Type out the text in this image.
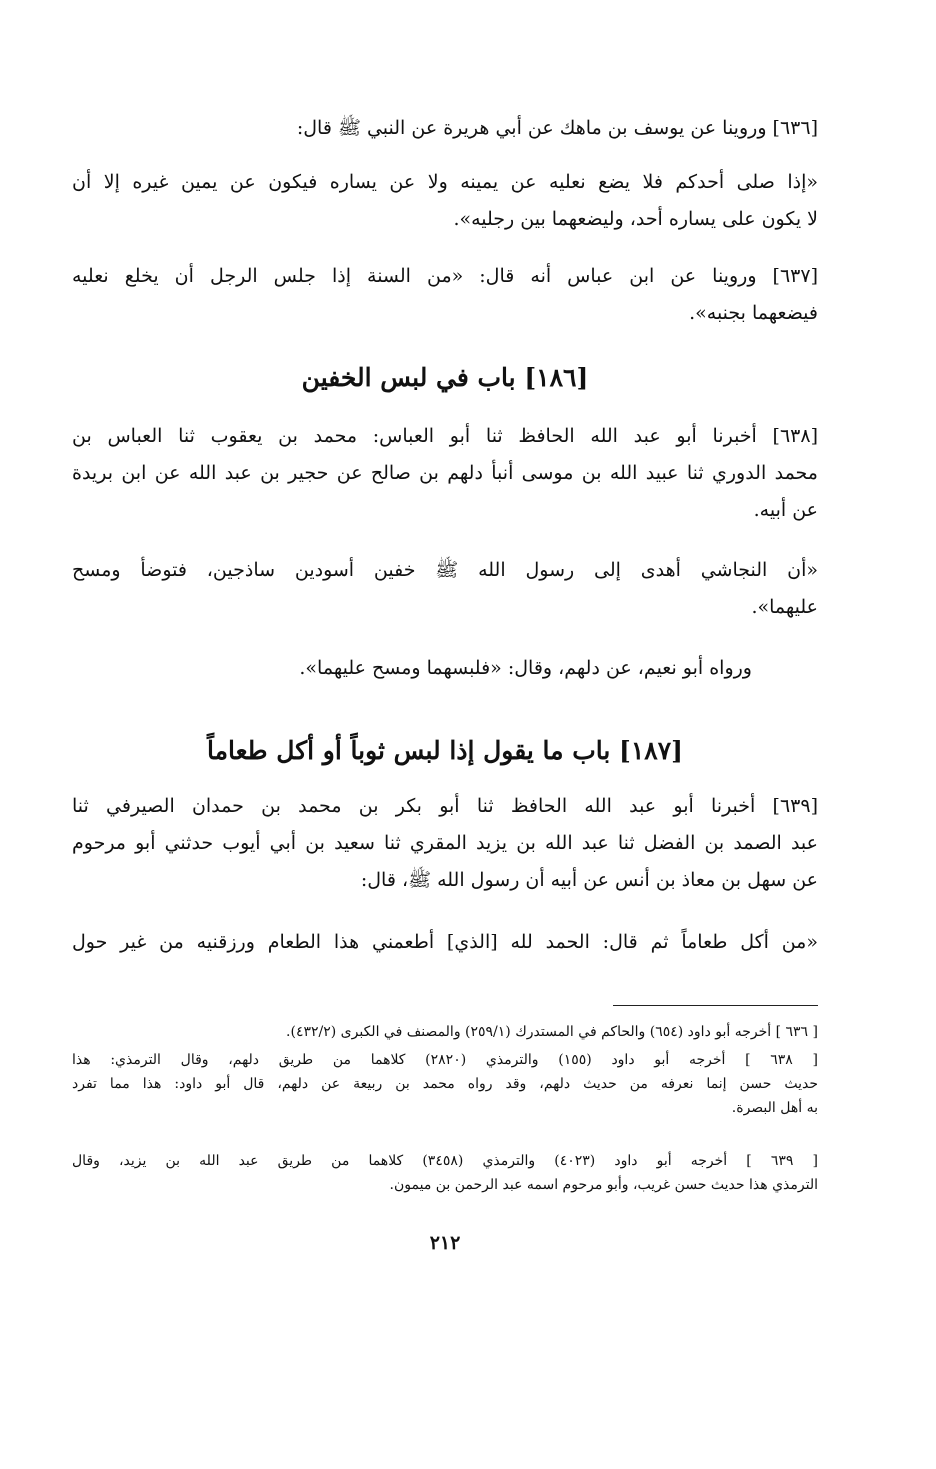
[٦٣٦] وروينا عن يوسف بن ماهك عن أبي هريرة عن النبي ﷺ قال:
«إذا صلى أحدكم فلا يضع نعليه عن يمينه ولا عن يساره فيكون عن يمين غيره إلا أن
لا يكون على يساره أحد، وليضعهما بين رجليه».
[٦٣٧] وروينا عن ابن عباس أنه قال: «من السنة إذا جلس الرجل أن يخلع نعليه
فيضعهما بجنبه».
[١٨٦] باب في لبس الخفين
[٦٣٨] أخبرنا أبو عبد الله الحافظ ثنا أبو العباس: محمد بن يعقوب ثنا العباس بن
محمد الدوري ثنا عبيد الله بن موسى أنبأ دلهم بن صالح عن حجير بن عبد الله عن ابن بريدة
عن أبيه.
«أن النجاشي أهدى إلى رسول الله ﷺ خفين أسودين ساذجين، فتوضأ ومسح
عليهما».
ورواه أبو نعيم، عن دلهم، وقال: «فلبسهما ومسح عليهما».
[١٨٧] باب ما يقول إذا لبس ثوباً أو أكل طعاماً
[٦٣٩] أخبرنا أبو عبد الله الحافظ ثنا أبو بكر بن محمد بن حمدان الصيرفي ثنا
عبد الصمد بن الفضل ثنا عبد الله بن يزيد المقري ثنا سعيد بن أبي أيوب حدثني أبو مرحوم
عن سهل بن معاذ بن أنس عن أبيه أن رسول الله ﷺ، قال:
«من أكل طعاماً ثم قال: الحمد لله [الذي] أطعمني هذا الطعام ورزقنيه من غير حول
[ ٦٣٦ ] أخرجه أبو داود (٦٥٤) والحاكم في المستدرك (٢٥٩/١) والمصنف في الكبرى (٤٣٢/٢).
[ ٦٣٨ ] أخرجه أبو داود (١٥٥) والترمذي (٢٨٢٠) كلاهما من طريق دلهم، وقال الترمذي: هذا
حديث حسن إنما نعرفه من حديث دلهم، وقد رواه محمد بن ربيعة عن دلهم، قال أبو داود: هذا مما تفرد
به أهل البصرة.
[ ٦٣٩ ] أخرجه أبو داود (٤٠٢٣) والترمذي (٣٤٥٨) كلاهما من طريق عبد الله بن يزيد، وقال
الترمذي هذا حديث حسن غريب، وأبو مرحوم اسمه عبد الرحمن بن ميمون.
٢١٢
